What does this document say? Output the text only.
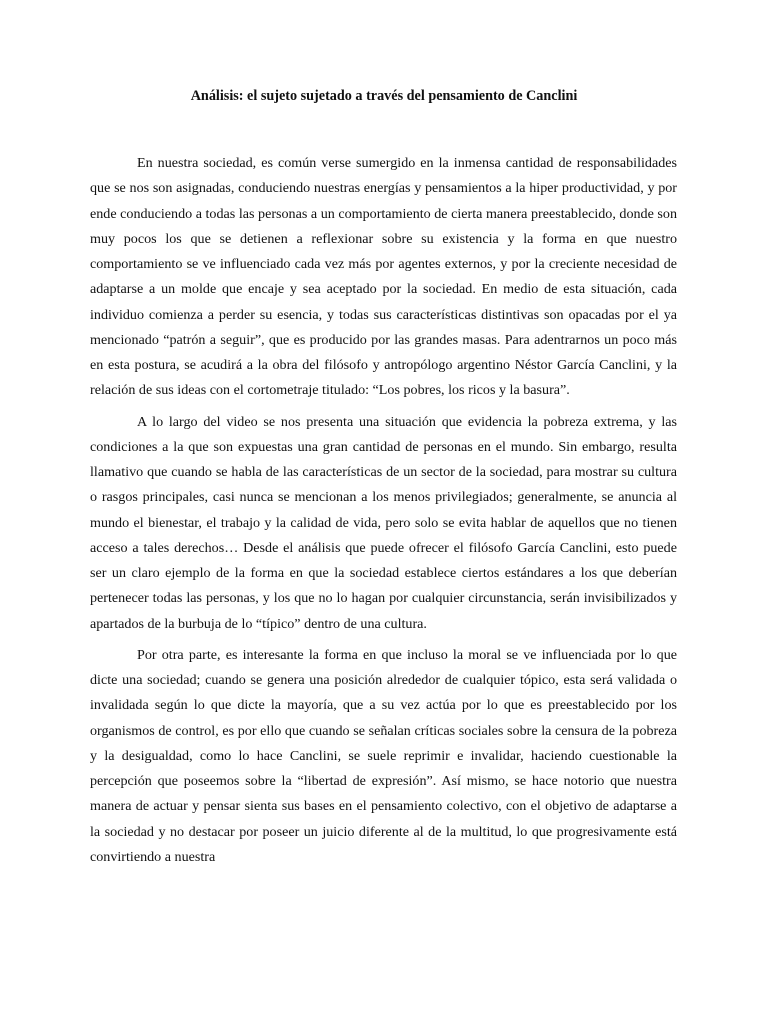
Análisis: el sujeto sujetado a través del pensamiento de Canclini

En nuestra sociedad, es común verse sumergido en la inmensa cantidad de responsabilidades que se nos son asignadas, conduciendo nuestras energías y pensamientos a la hiper productividad, y por ende conduciendo a todas las personas a un comportamiento de cierta manera preestablecido, donde son muy pocos los que se detienen a reflexionar sobre su existencia y la forma en que nuestro comportamiento se ve influenciado cada vez más por agentes externos, y por la creciente necesidad de adaptarse a un molde que encaje y sea aceptado por la sociedad. En medio de esta situación, cada individuo comienza a perder su esencia, y todas sus características distintivas son opacadas por el ya mencionado “patrón a seguir”, que es producido por las grandes masas. Para adentrarnos un poco más en esta postura, se acudirá a la obra del filósofo y antropólogo argentino Néstor García Canclini, y la relación de sus ideas con el cortometraje titulado: “Los pobres, los ricos y la basura”.

A lo largo del video se nos presenta una situación que evidencia la pobreza extrema, y las condiciones a la que son expuestas una gran cantidad de personas en el mundo. Sin embargo, resulta llamativo que cuando se habla de las características de un sector de la sociedad, para mostrar su cultura o rasgos principales, casi nunca se mencionan a los menos privilegiados; generalmente, se anuncia al mundo el bienestar, el trabajo y la calidad de vida, pero solo se evita hablar de aquellos que no tienen acceso a tales derechos… Desde el análisis que puede ofrecer el filósofo García Canclini, esto puede ser un claro ejemplo de la forma en que la sociedad establece ciertos estándares a los que deberían pertenecer todas las personas, y los que no lo hagan por cualquier circunstancia, serán invisibilizados y apartados de la burbuja de lo “típico” dentro de una cultura.

Por otra parte, es interesante la forma en que incluso la moral se ve influenciada por lo que dicte una sociedad; cuando se genera una posición alrededor de cualquier tópico, esta será validada o invalidada según lo que dicte la mayoría, que a su vez actúa por lo que es preestablecido por los organismos de control, es por ello que cuando se señalan críticas sociales sobre la censura de la pobreza y la desigualdad, como lo hace Canclini, se suele reprimir e invalidar, haciendo cuestionable la percepción que poseemos sobre la “libertad de expresión”. Así mismo, se hace notorio que nuestra manera de actuar y pensar sienta sus bases en el pensamiento colectivo, con el objetivo de adaptarse a la sociedad y no destacar por poseer un juicio diferente al de la multitud, lo que progresivamente está convirtiendo a nuestra
